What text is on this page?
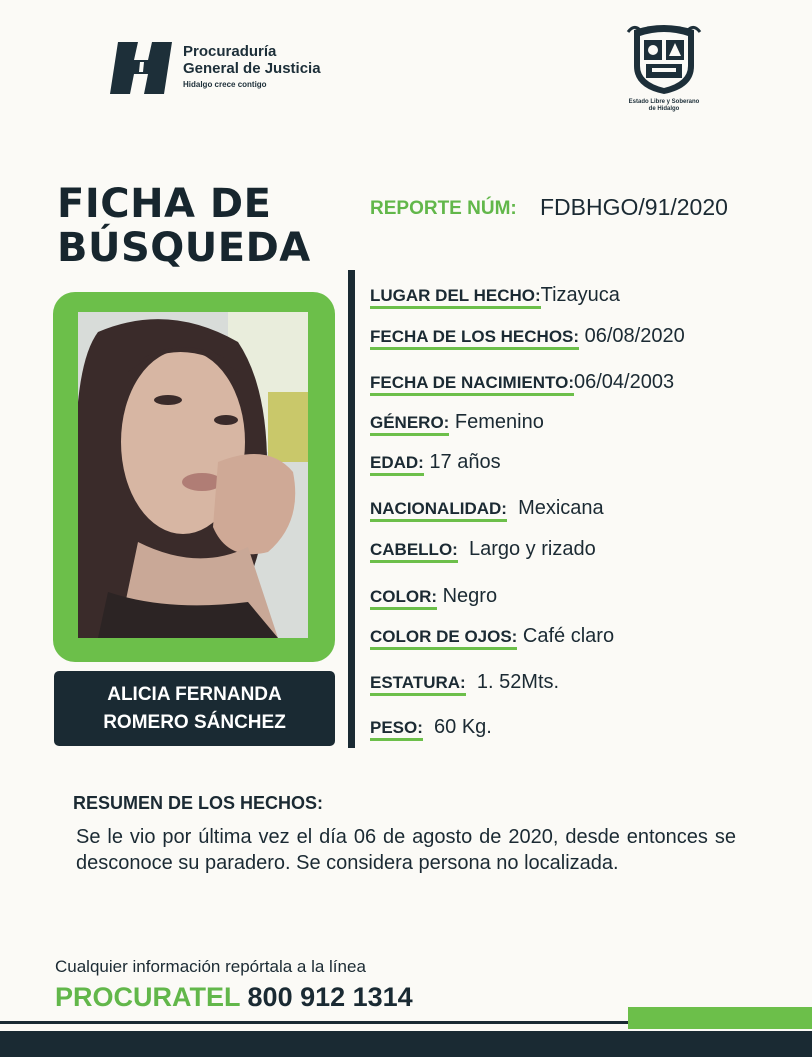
Procuraduría
General de Justicia
Hidalgo crece contigo
Estado Libre y Soberano
de Hidalgo
FICHA DE
BÚSQUEDA
REPORTE NÚM: FDBHGO/91/2020
ALICIA FERNANDA
ROMERO SÁNCHEZ
LUGAR DEL HECHO:Tizayuca
FECHA DE LOS HECHOS: 06/08/2020
FECHA DE NACIMIENTO:06/04/2003
GÉNERO: Femenino
EDAD: 17 años
NACIONALIDAD: Mexicana
CABELLO: Largo y rizado
COLOR: Negro
COLOR DE OJOS: Café claro
ESTATURA: 1. 52Mts.
PESO: 60 Kg.
RESUMEN DE LOS HECHOS:
Se le vio por última vez el día 06 de agosto de 2020, desde entonces se desconoce su paradero. Se considera persona no localizada.
Cualquier información repórtala a la línea
PROCURATEL 800 912 1314
